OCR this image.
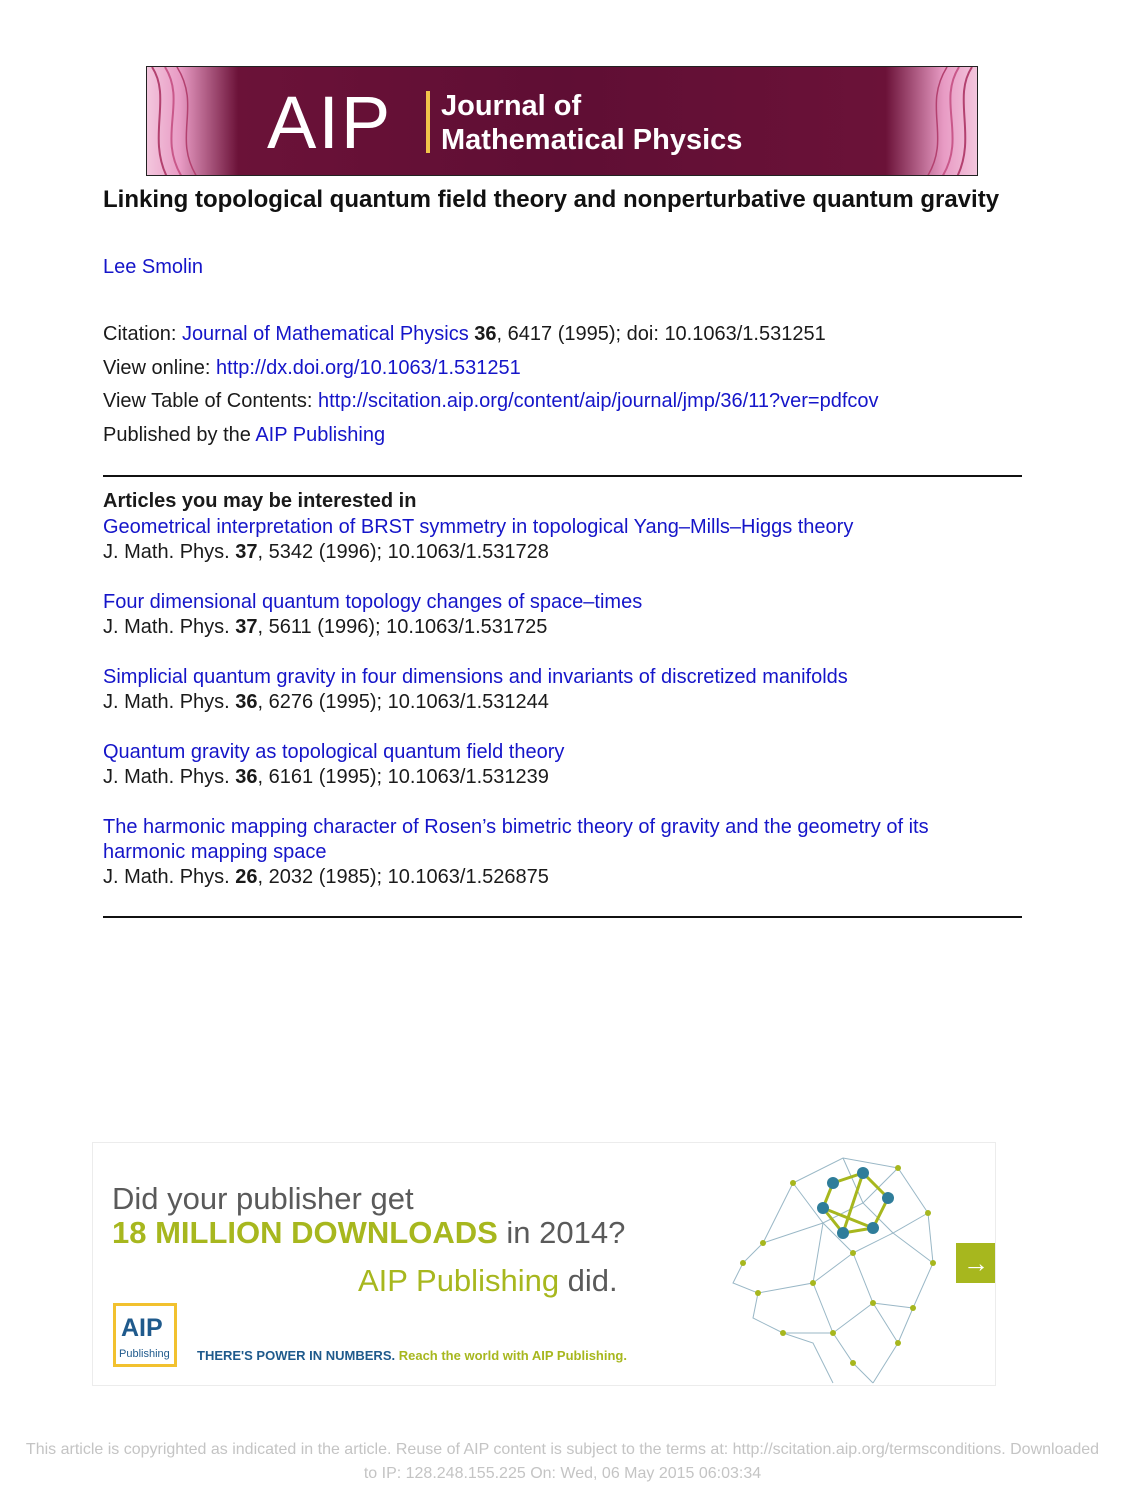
AIP Journal of
Mathematical Physics
Linking topological quantum field theory and nonperturbative quantum gravity
Lee Smolin
Citation: Journal of Mathematical Physics 36, 6417 (1995); doi: 10.1063/1.531251
View online: http://dx.doi.org/10.1063/1.531251
View Table of Contents: http://scitation.aip.org/content/aip/journal/jmp/36/11?ver=pdfcov
Published by the AIP Publishing
Articles you may be interested in
Geometrical interpretation of BRST symmetry in topological Yang–Mills–Higgs theory
J. Math. Phys. 37, 5342 (1996); 10.1063/1.531728
Four dimensional quantum topology changes of space–times
J. Math. Phys. 37, 5611 (1996); 10.1063/1.531725
Simplicial quantum gravity in four dimensions and invariants of discretized manifolds
J. Math. Phys. 36, 6276 (1995); 10.1063/1.531244
Quantum gravity as topological quantum field theory
J. Math. Phys. 36, 6161 (1995); 10.1063/1.531239
The harmonic mapping character of Rosen’s bimetric theory of gravity and the geometry of its harmonic mapping space
J. Math. Phys. 26, 2032 (1985); 10.1063/1.526875
Did your publisher get
18 MILLION DOWNLOADS in 2014?
AIP Publishing did.
AIP
Publishing THERE'S POWER IN NUMBERS. Reach the world with AIP Publishing.
→
This article is copyrighted as indicated in the article. Reuse of AIP content is subject to the terms at: http://scitation.aip.org/termsconditions. Downloaded
to IP: 128.248.155.225 On: Wed, 06 May 2015 06:03:34
